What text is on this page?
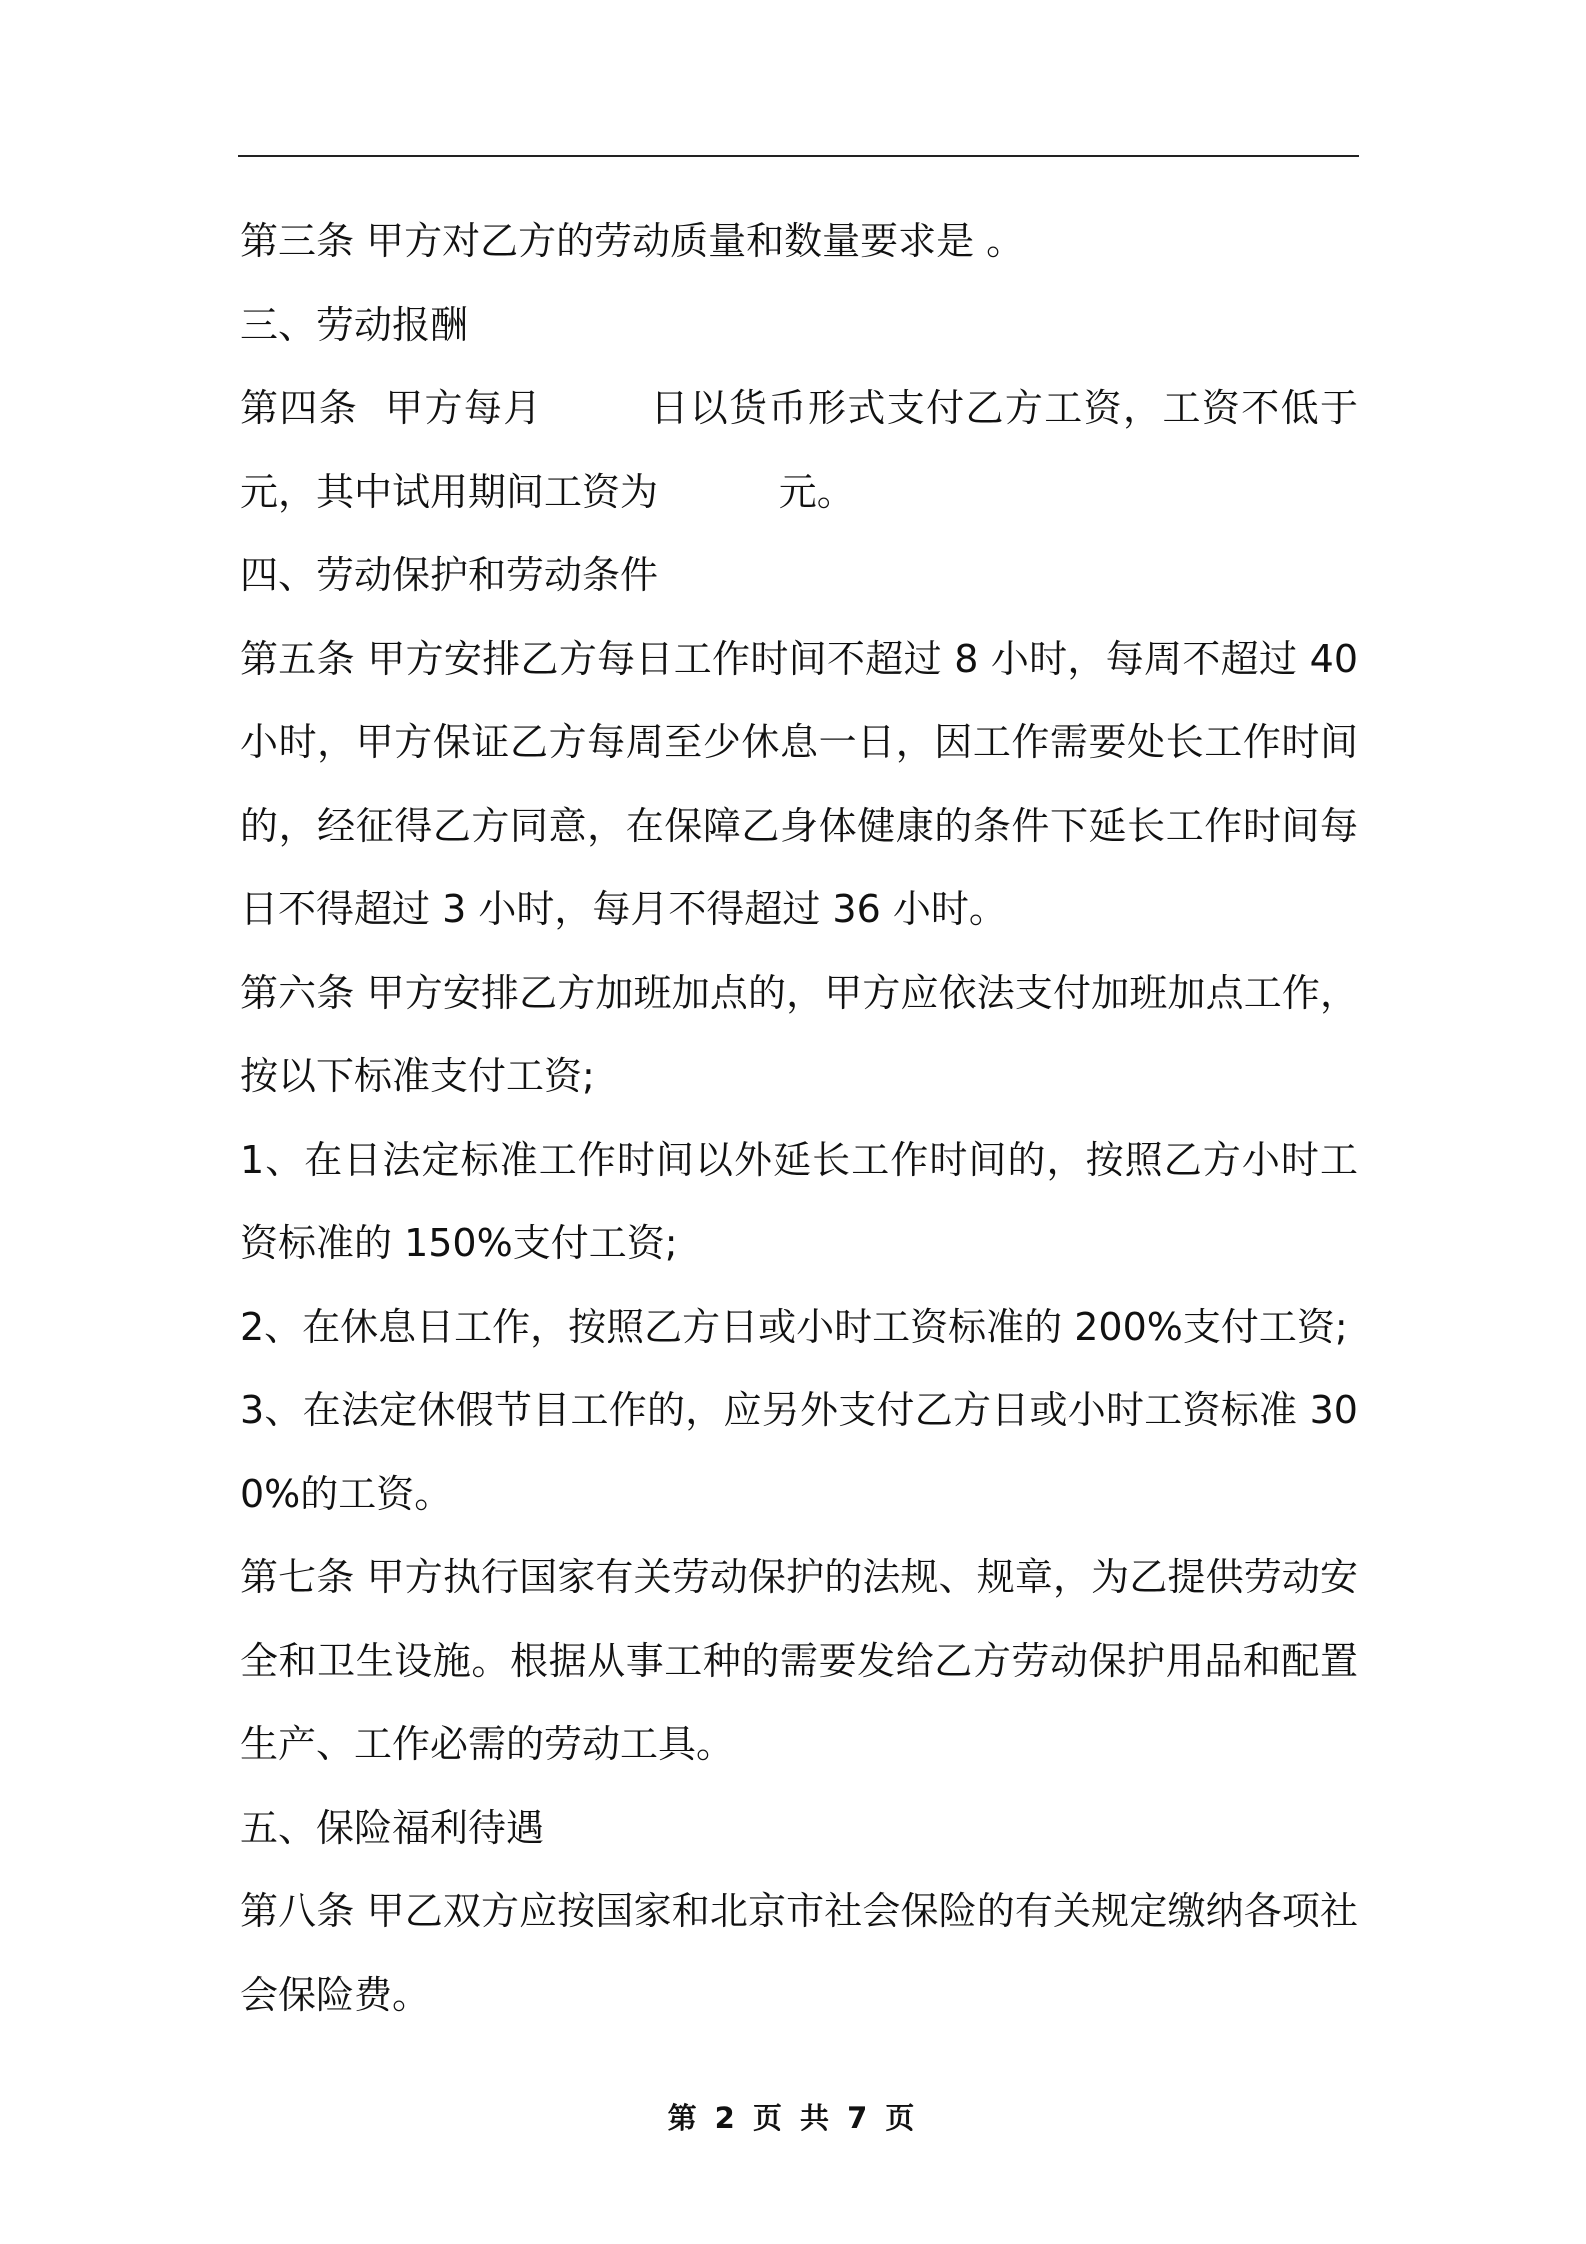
第三条 甲方对乙方的劳动质量和数量要求是 。

三、劳动报酬

第四条  甲方每月        日以货币形式支付乙方工资，工资不低于          元，其中试用期间工资为          元。

四、劳动保护和劳动条件

第五条 甲方安排乙方每日工作时间不超过 8 小时，每周不超过 40 小时，甲方保证乙方每周至少休息一日，因工作需要处长工作时间的，经征得乙方同意，在保障乙身体健康的条件下延长工作时间每日不得超过 3 小时，每月不得超过 36 小时。

第六条 甲方安排乙方加班加点的，甲方应依法支付加班加点工作，按以下标准支付工资;

1、在日法定标准工作时间以外延长工作时间的，按照乙方小时工资标准的 150%支付工资;

2、在休息日工作，按照乙方日或小时工资标准的 200%支付工资;

3、在法定休假节目工作的，应另外支付乙方日或小时工资标准 300%的工资。

第七条 甲方执行国家有关劳动保护的法规、规章，为乙提供劳动安全和卫生设施。根据从事工种的需要发给乙方劳动保护用品和配置生产、工作必需的劳动工具。

五、保险福利待遇

第八条 甲乙双方应按国家和北京市社会保险的有关规定缴纳各项社会保险费。

第 2 页 共 7 页
